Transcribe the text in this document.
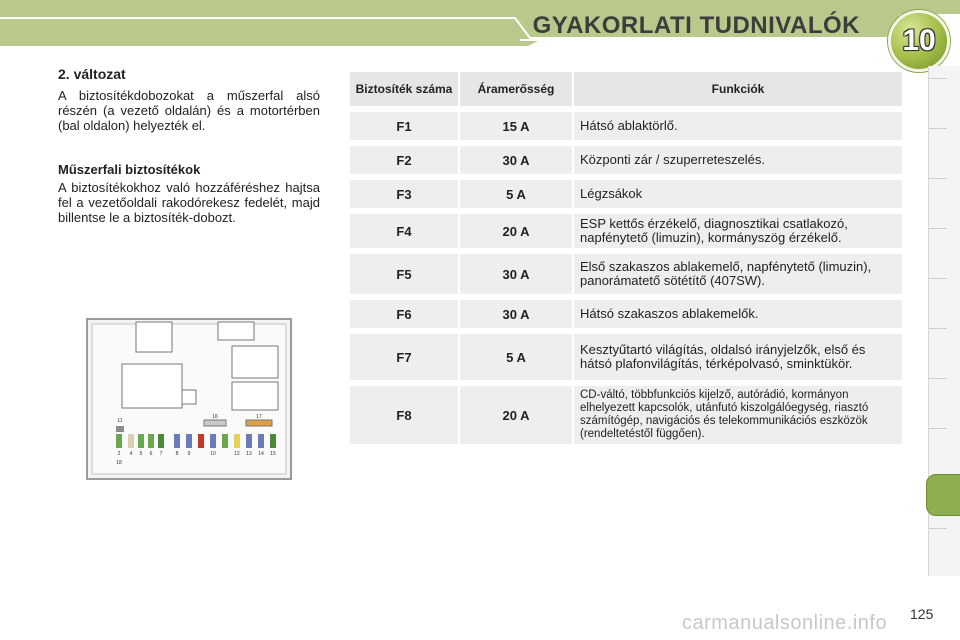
GYAKORLATI TUDNIVALÓK 10
2. változat

A biztosítékdobozokat a műszerfal alsó részén (a vezető oldalán) és a motortérben (bal oldalon) helyezték el.

Műszerfali biztosítékok

A biztosítékokhoz való hozzáféréshez hajtsa fel a vezetőoldali rakodórekesz fedelét, majd billentse le a biztosíték-dobozt.

11
16	17
2 4 5 6 7	8 9	10	12 13 14 15
18
Biztosíték száma	Áramerősség	Funkciók
F1	15 A	Hátsó ablaktörlő.
F2	30 A	Központi zár / szuperreteszelés.
F3	5 A	Légzsákok
F4	20 A	ESP kettős érzékelő, diagnosztikai csatlakozó, napfénytető (limuzin), kormányszög érzékelő.
F5	30 A	Első szakaszos ablakemelő, napfénytető (limuzin), panorámatető sötétítő (407SW).
F6	30 A	Hátsó szakaszos ablakemelők.
F7	5 A	Kesztyűtartó világítás, oldalsó irányjelzők, első és hátsó plafonvilágítás, térképolvasó, sminktükör.
F8	20 A	CD-váltó, többfunkciós kijelző, autórádió, kormányon elhelyezett kapcsolók, utánfutó kiszolgálóegység, riasztó számítógép, navigációs és telekommunikációs eszközök (rendeltetéstől függően).
carmanualsonline.info 125
